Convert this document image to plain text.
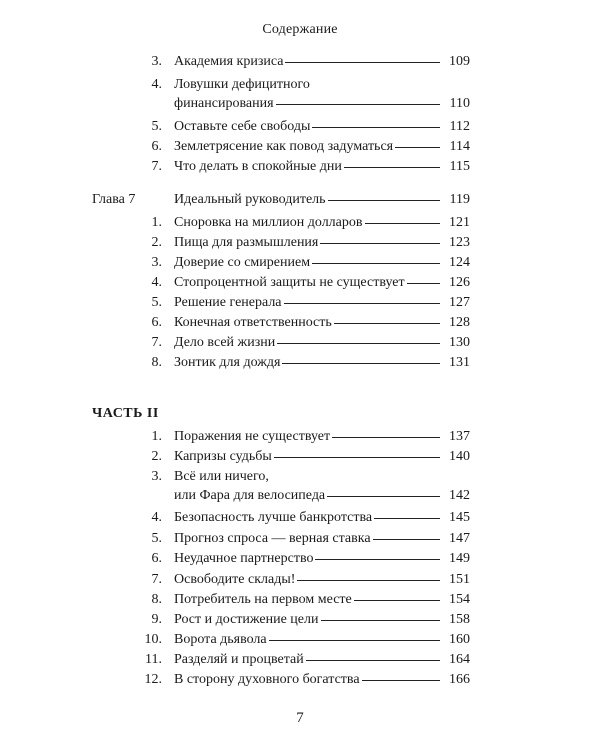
Содержание
3. Академия кризиса	109
4. Ловушки дефицитного
финансирования	110
5. Оставьте себе свободы	112
6. Землетрясение как повод задуматься	114
7. Что делать в спокойные дни	115
Глава 7	Идеальный руководитель	119
1. Сноровка на миллион долларов	121
2. Пища для размышления	123
3. Доверие со смирением	124
4. Стопроцентной защиты не существует	126
5. Решение генерала	127
6. Конечная ответственность	128
7. Дело всей жизни	130
8. Зонтик для дождя	131
ЧАСТЬ II
1. Поражения не существует	137
2. Капризы судьбы	140
3. Всё или ничего,
или Фара для велосипеда	142
4. Безопасность лучше банкротства	145
5. Прогноз спроса — верная ставка	147
6. Неудачное партнерство	149
7. Освободите склады!	151
8. Потребитель на первом месте	154
9. Рост и достижение цели	158
10. Ворота дьявола	160
11. Разделяй и процветай	164
12. В сторону духовного богатства	166
7
